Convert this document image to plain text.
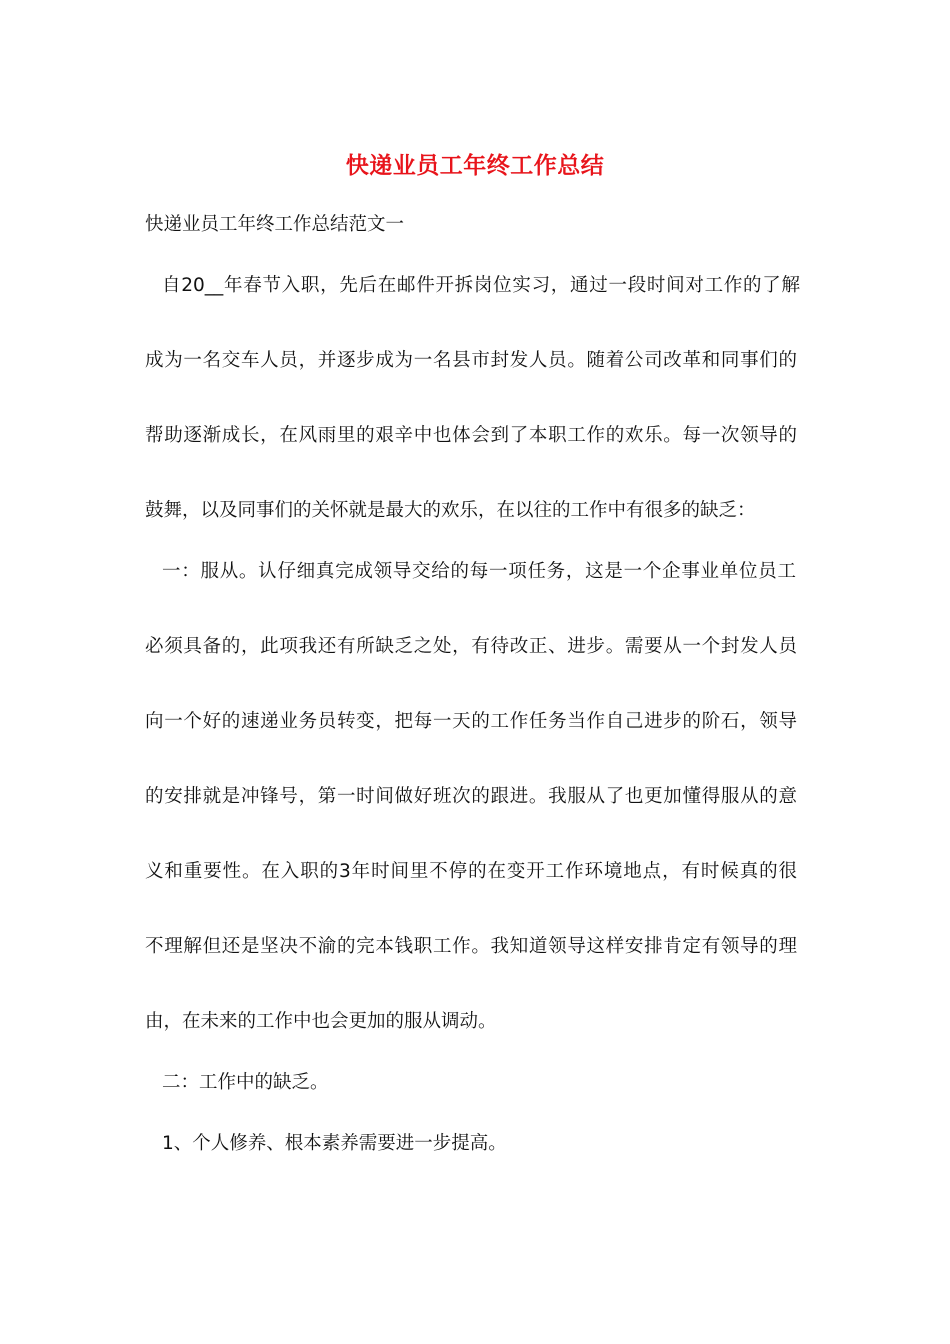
快递业员工年终工作总结
快递业员工年终工作总结范文一
自20__年春节入职，先后在邮件开拆岗位实习，通过一段时间对工作的了解
成为一名交车人员，并逐步成为一名县市封发人员。随着公司改革和同事们的
帮助逐渐成长，在风雨里的艰辛中也体会到了本职工作的欢乐。每一次领导的
鼓舞，以及同事们的关怀就是最大的欢乐，在以往的工作中有很多的缺乏：
一：服从。认仔细真完成领导交给的每一项任务，这是一个企事业单位员工
必须具备的，此项我还有所缺乏之处，有待改正、进步。需要从一个封发人员
向一个好的速递业务员转变，把每一天的工作任务当作自己进步的阶石，领导
的安排就是冲锋号，第一时间做好班次的跟进。我服从了也更加懂得服从的意
义和重要性。在入职的3年时间里不停的在变开工作环境地点，有时候真的很
不理解但还是坚决不渝的完本钱职工作。我知道领导这样安排肯定有领导的理
由，在未来的工作中也会更加的服从调动。
二：工作中的缺乏。
1、个人修养、根本素养需要进一步提高。
